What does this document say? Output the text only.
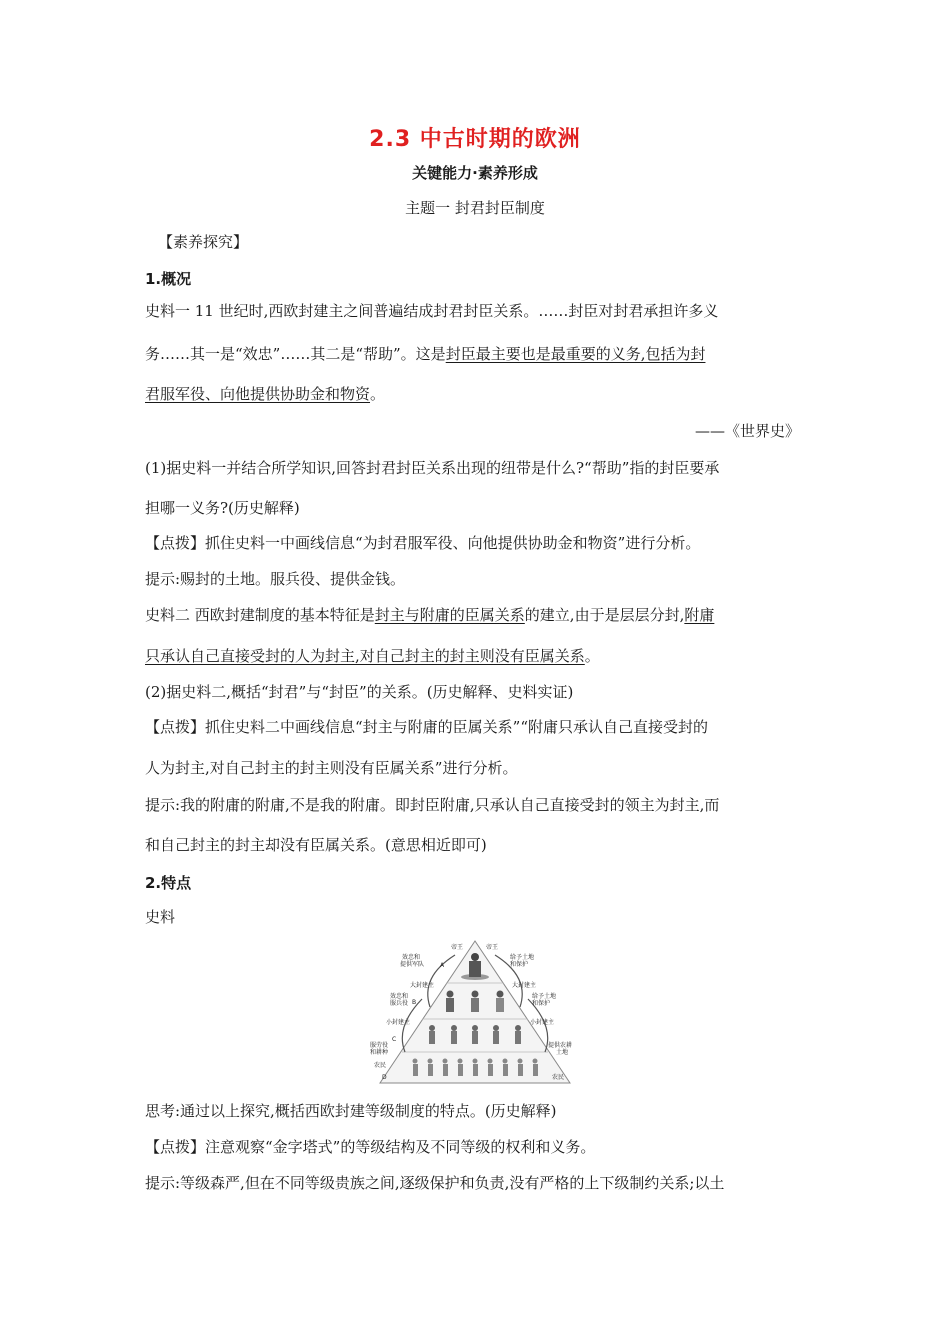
2.3 中古时期的欧洲
关键能力·素养形成
主题一 封君封臣制度
【素养探究】
1.概况
史料一 11 世纪时,西欧封建主之间普遍结成封君封臣关系。……封臣对封君承担许多义
务……其一是“效忠”……其二是“帮助”。这是封臣最主要也是最重要的义务,包括为封
君服军役、向他提供协助金和物资。
——《世界史》
(1)据史料一并结合所学知识,回答封君封臣关系出现的纽带是什么?“帮助”指的封臣要承
担哪一义务?(历史解释)
【点拨】抓住史料一中画线信息“为封君服军役、向他提供协助金和物资”进行分析。
提示:赐封的土地。服兵役、提供金钱。
史料二 西欧封建制度的基本特征是封主与附庸的臣属关系的建立,由于是层层分封,附庸
只承认自己直接受封的人为封主,对自己封主的封主则没有臣属关系。
(2)据史料二,概括“封君”与“封臣”的关系。(历史解释、史料实证)
【点拨】抓住史料二中画线信息“封主与附庸的臣属关系”“附庸只承认自己直接受封的
人为封主,对自己封主的封主则没有臣属关系”进行分析。
提示:我的附庸的附庸,不是我的附庸。即封臣附庸,只承认自己直接受封的领主为封主,而
和自己封主的封主却没有臣属关系。(意思相近即可)
2.特点
史料
帝王
效忠和
提供军队	A
大封建主
效忠和
服兵役 B
小封建主
C
服劳役
和耕种
农民
D
帝王
给予土地
和保护
大封建主
给予土地
和保护
小封建主
提供农耕
土地
农民
思考:通过以上探究,概括西欧封建等级制度的特点。(历史解释)
【点拨】注意观察“金字塔式”的等级结构及不同等级的权利和义务。
提示:等级森严,但在不同等级贵族之间,逐级保护和负责,没有严格的上下级制约关系;以土
